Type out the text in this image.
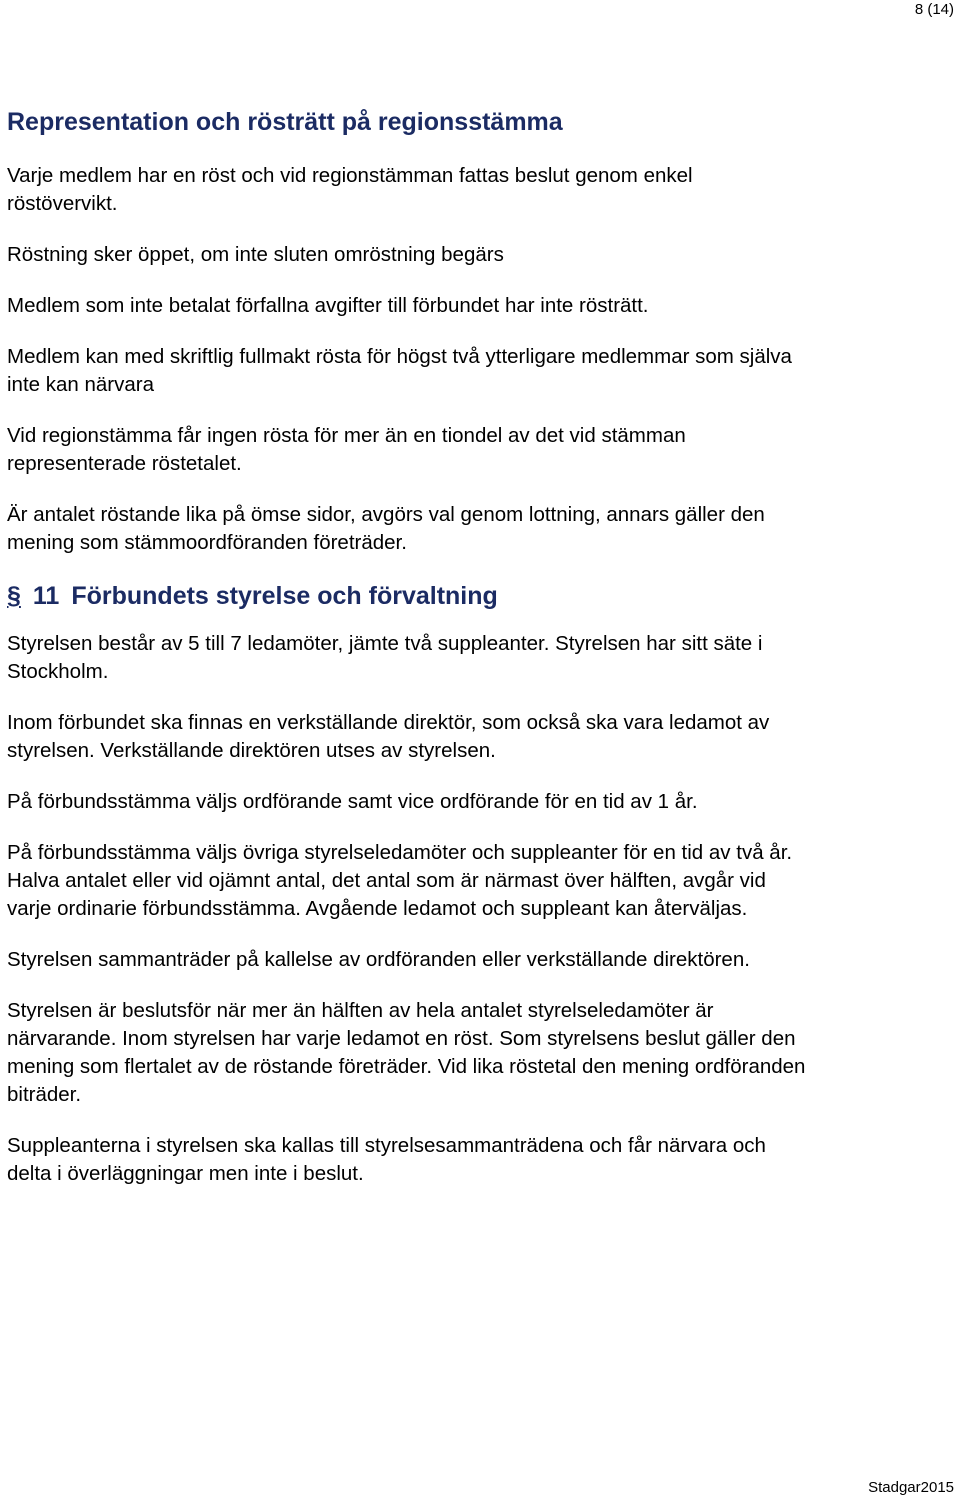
8 (14)
Representation och rösträtt på regionsstämma

Varje medlem har en röst och vid regionstämman fattas beslut genom enkel röstövervikt.

Röstning sker öppet, om inte sluten omröstning begärs

Medlem som inte betalat förfallna avgifter till förbundet har inte rösträtt.

Medlem kan med skriftlig fullmakt rösta för högst två ytterligare medlemmar som själva inte kan närvara

Vid regionstämma får ingen rösta för mer än en tiondel av det vid stämman representerade röstetalet.

Är antalet röstande lika på ömse sidor, avgörs val genom lottning, annars gäller den mening som stämmoordföranden företräder.

§ 11 Förbundets styrelse och förvaltning

Styrelsen består av 5 till 7 ledamöter, jämte två suppleanter. Styrelsen har sitt säte i Stockholm.

Inom förbundet ska finnas en verkställande direktör, som också ska vara ledamot av styrelsen. Verkställande direktören utses av styrelsen.

På förbundsstämma väljs ordförande samt vice ordförande för en tid av 1 år.

På förbundsstämma väljs övriga styrelseledamöter och suppleanter för en tid av två år. Halva antalet eller vid ojämnt antal, det antal som är närmast över hälften, avgår vid varje ordinarie förbundsstämma. Avgående ledamot och suppleant kan återväljas.

Styrelsen sammanträder på kallelse av ordföranden eller verkställande direktören.

Styrelsen är beslutsför när mer än hälften av hela antalet styrelseledamöter är närvarande. Inom styrelsen har varje ledamot en röst. Som styrelsens beslut gäller den mening som flertalet av de röstande företräder. Vid lika röstetal den mening ordföranden biträder.

Suppleanterna i styrelsen ska kallas till styrelsesammanträdena och får närvara och delta i överläggningar men inte i beslut.

Stadgar2015
